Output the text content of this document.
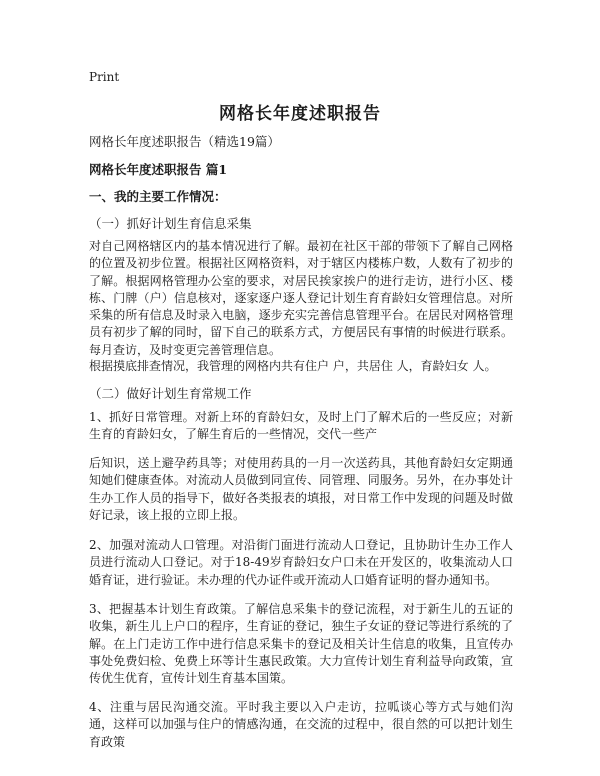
Print
网格长年度述职报告
网格长年度述职报告（精选19篇）
网格长年度述职报告 篇1
一、我的主要工作情况：
（一）抓好计划生育信息采集

对自己网格辖区内的基本情况进行了解。最初在社区干部的带领下了解自己网格的位置及初步位置。根据社区网格资料，对于辖区内楼栋户数，人数有了初步的了解。根据网格管理办公室的要求，对居民挨家挨户的进行走访，进行小区、楼栋、门牌（户）信息核对，逐家逐户逐人登记计划生育育龄妇女管理信息。对所采集的所有信息及时录入电脑，逐步充实完善信息管理平台。在居民对网格管理员有初步了解的同时，留下自己的联系方式，方便居民有事情的时候进行联系。每月查访，及时变更完善管理信息。

根据摸底排查情况，我管理的网格内共有住户 户，共居住 人，育龄妇女 人。

（二）做好计划生育常规工作

1、抓好日常管理。对新上环的育龄妇女，及时上门了解术后的一些反应；对新生育的育龄妇女，了解生育后的一些情况，交代一些产

后知识，送上避孕药具等；对使用药具的一月一次送药具，其他育龄妇女定期通知她们健康查体。对流动人员做到同宣传、同管理、同服务。另外，在办事处计生办工作人员的指导下，做好各类报表的填报，对日常工作中发现的问题及时做好记录，该上报的立即上报。

2、加强对流动人口管理。对沿街门面进行流动人口登记，且协助计生办工作人员进行流动人口登记。对于18-49岁育龄妇女户口未在开发区的，收集流动人口婚育证，进行验证。未办理的代办证件或开流动人口婚育证明的督办通知书。

3、把握基本计划生育政策。了解信息采集卡的登记流程，对于新生儿的五证的收集，新生儿上户口的程序，生育证的登记，独生子女证的登记等进行系统的了解。在上门走访工作中进行信息采集卡的登记及相关计生信息的收集，且宣传办事处免费妇检、免费上环等计生惠民政策。大力宣传计划生育利益导向政策，宣传优生优育，宣传计划生育基本国策。

4、注重与居民沟通交流。平时我主要以入户走访，拉呱谈心等方式与她们沟通，这样可以加强与住户的情感沟通，在交流的过程中，很自然的可以把计划生育政策
